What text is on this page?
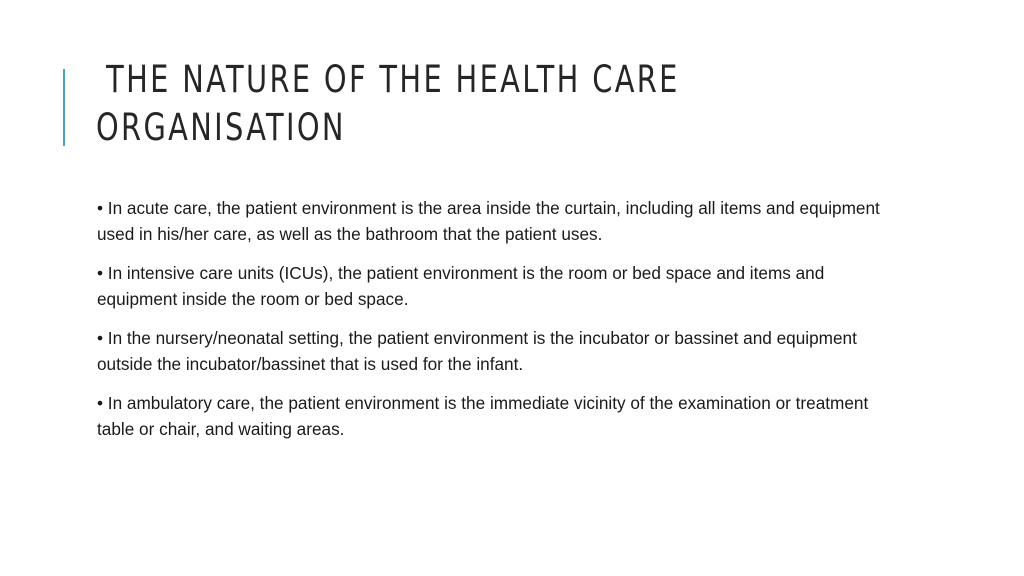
THE NATURE OF THE HEALTH CARE
ORGANISATION

• In acute care, the patient environment is the area inside the curtain, including all items and equipment used in his/her care, as well as the bathroom that the patient uses.

• In intensive care units (ICUs), the patient environment is the room or bed space and items and equipment inside the room or bed space.

• In the nursery/neonatal setting, the patient environment is the incubator or bassinet and equipment outside the incubator/bassinet that is used for the infant.

• In ambulatory care, the patient environment is the immediate vicinity of the examination or treatment table or chair, and waiting areas.
